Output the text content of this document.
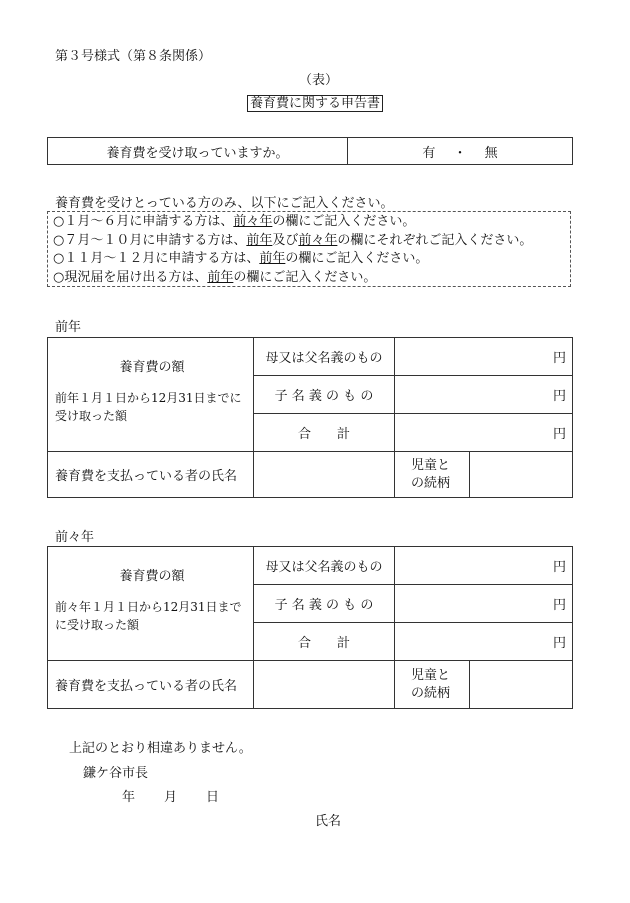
第３号様式（第８条関係）
（表）
養育費に関する申告書
養育費を受け取っていますか。	有 ・ 無
養育費を受けとっている方のみ、以下にご記入ください。
○１月～６月に申請する方は、前々年の欄にご記入ください。
○７月～１０月に申請する方は、前年及び前々年の欄にそれぞれご記入ください。
○１１月～１２月に申請する方は、前年の欄にご記入ください。
○現況届を届け出る方は、前年の欄にご記入ください。
前年
養育費の額
前年１月１日から12月31日までに受け取った額	母又は父名義のもの	円	
	子 名 義 の も の	円	
	合　　計	円	
養育費を支払っている者の氏名		児童との続柄	
前々年
養育費の額
前々年１月１日から12月31日までに受け取った額	母又は父名義のもの	円	
	子 名 義 の も の	円	
	合　　計	円	
養育費を支払っている者の氏名		児童との続柄	
上記のとおり相違ありません。
鎌ケ谷市長
年 月 日
氏名
